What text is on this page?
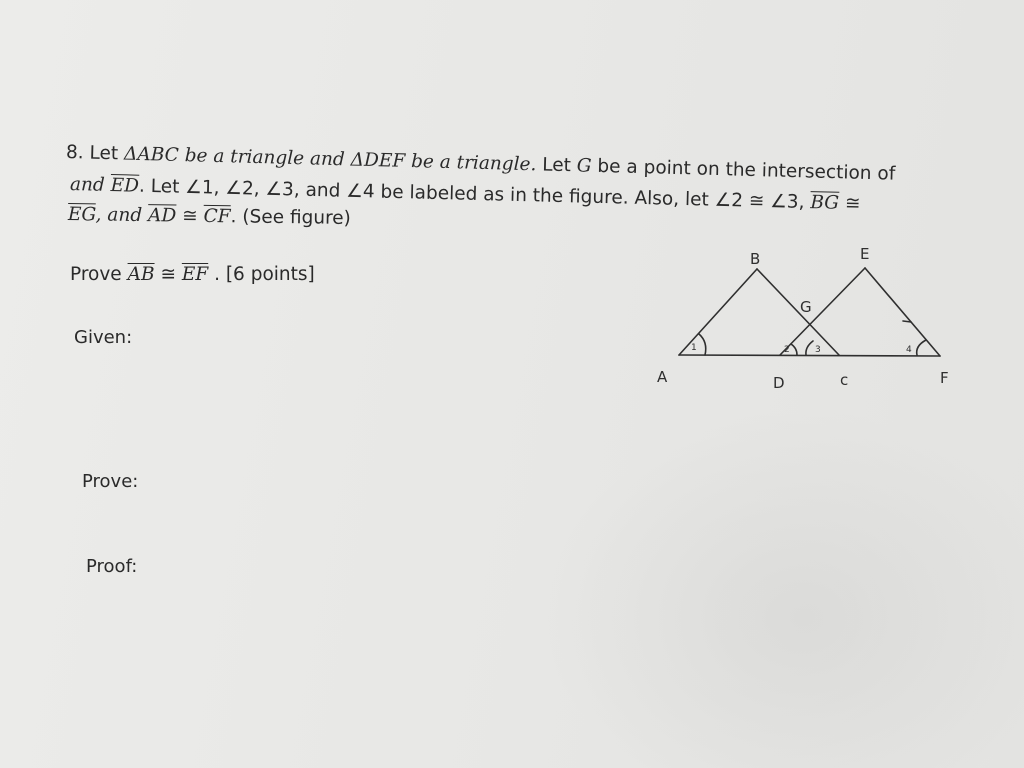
8. Let ΔABC be a triangle and ΔDEF be a triangle. Let G be a point on the intersection of
and $\overline{ED}$. Let ∠1, ∠2, ∠3, and ∠4 be labeled as in the figure. Also, let ∠2 ≅ ∠3, $\overline{BG}$ ≅
$\overline{EG}$, and $\overline{AD}$ ≅ $\overline{CF}$. (See figure)
Prove $\overline{AB}$ ≅ $\overline{EF}$ . [6 points]
Given:
Prove:
Proof:
A
B
c
D
E
F
G
1	2	3	4
